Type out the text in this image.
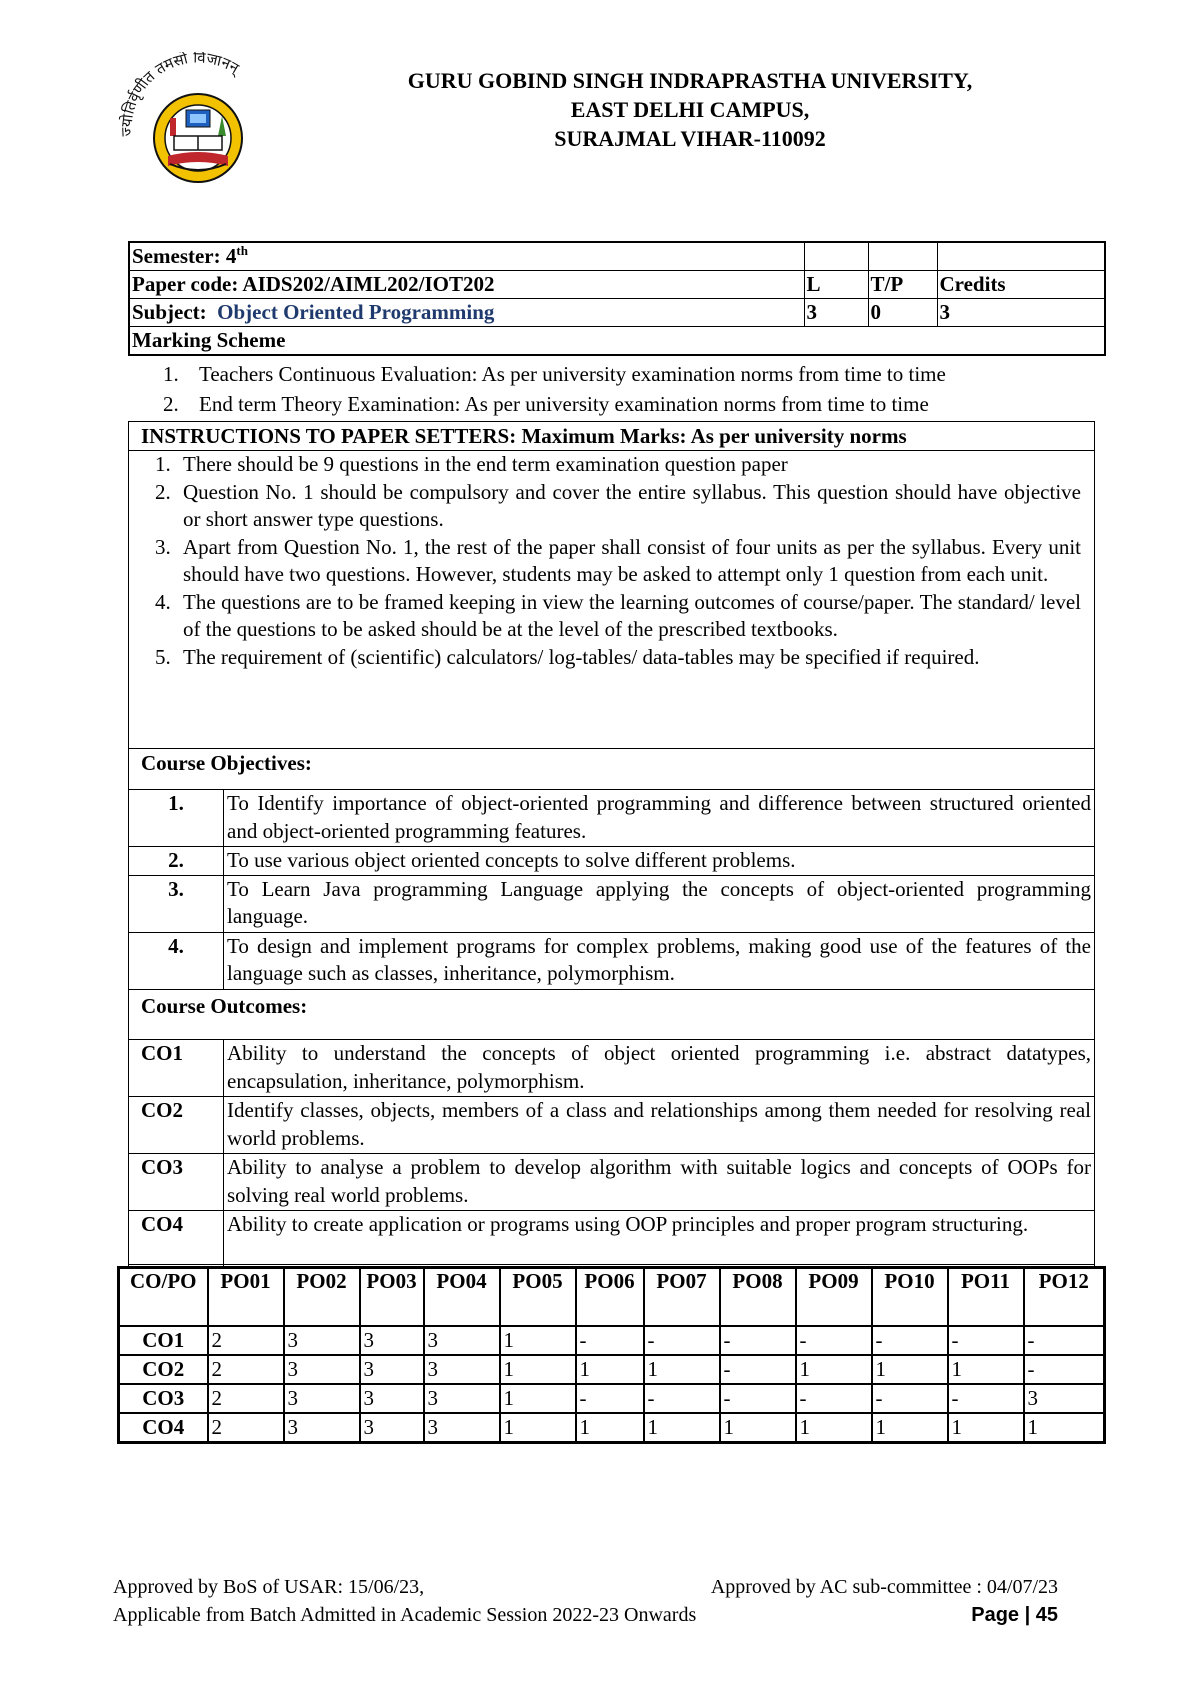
ज्योतिर्वृणीत तमसो विजानन्
GURU GOBIND SINGH INDRAPRASTHA UNIVERSITY,
EAST DELHI CAMPUS,
SURAJMAL VIHAR-110092
Semester: 4th			
Paper code: AIDS202/AIML202/IOT202	L	T/P	Credits
Subject: Object Oriented Programming	3	0	3
Marking Scheme			
1. Teachers Continuous Evaluation: As per university examination norms from time to time
2. End term Theory Examination: As per university examination norms from time to time
INSTRUCTIONS TO PAPER SETTERS: Maximum Marks: As per university norms
1. There should be 9 questions in the end term examination question paper
2. Question No. 1 should be compulsory and cover the entire syllabus. This question should have objective or short answer type questions.
3. Apart from Question No. 1, the rest of the paper shall consist of four units as per the syllabus. Every unit should have two questions. However, students may be asked to attempt only 1 question from each unit.
4. The questions are to be framed keeping in view the learning outcomes of course/paper. The standard/ level of the questions to be asked should be at the level of the prescribed textbooks.
5. The requirement of (scientific) calculators/ log-tables/ data-tables may be specified if required.
Course Objectives:
Course Outcomes:
1.	To Identify importance of object-oriented programming and difference between structured oriented and object-oriented programming features.
2.	To use various object oriented concepts to solve different problems.
3.	To Learn Java programming Language applying the concepts of object-oriented programming language.
4.	To design and implement programs for complex problems, making good use of the features of the language such as classes, inheritance, polymorphism.
CO1	Ability to understand the concepts of object oriented programming i.e. abstract datatypes, encapsulation, inheritance, polymorphism.
CO2	Identify classes, objects, members of a class and relationships among them needed for resolving real world problems.
CO3	Ability to analyse a problem to develop algorithm with suitable logics and concepts of OOPs for solving real world problems.
CO4	Ability to create application or programs using OOP principles and proper program structuring.
CO/PO	PO01	PO02	PO03	PO04	PO05	PO06	PO07	PO08	PO09	PO10	PO11	PO12
CO1	2	3	3	3	1	-	-	-	-	-	-	-
CO2	2	3	3	3	1	1	1	-	1	1	1	-
CO3	2	3	3	3	1	-	-	-	-	-	-	3
CO4	2	3	3	3	1	1	1	1	1	1	1	1
Approved by BoS of USAR: 15/06/23,	Approved by AC sub-committee : 04/07/23
Applicable from Batch Admitted in Academic Session 2022-23 Onwards	Page | 45
